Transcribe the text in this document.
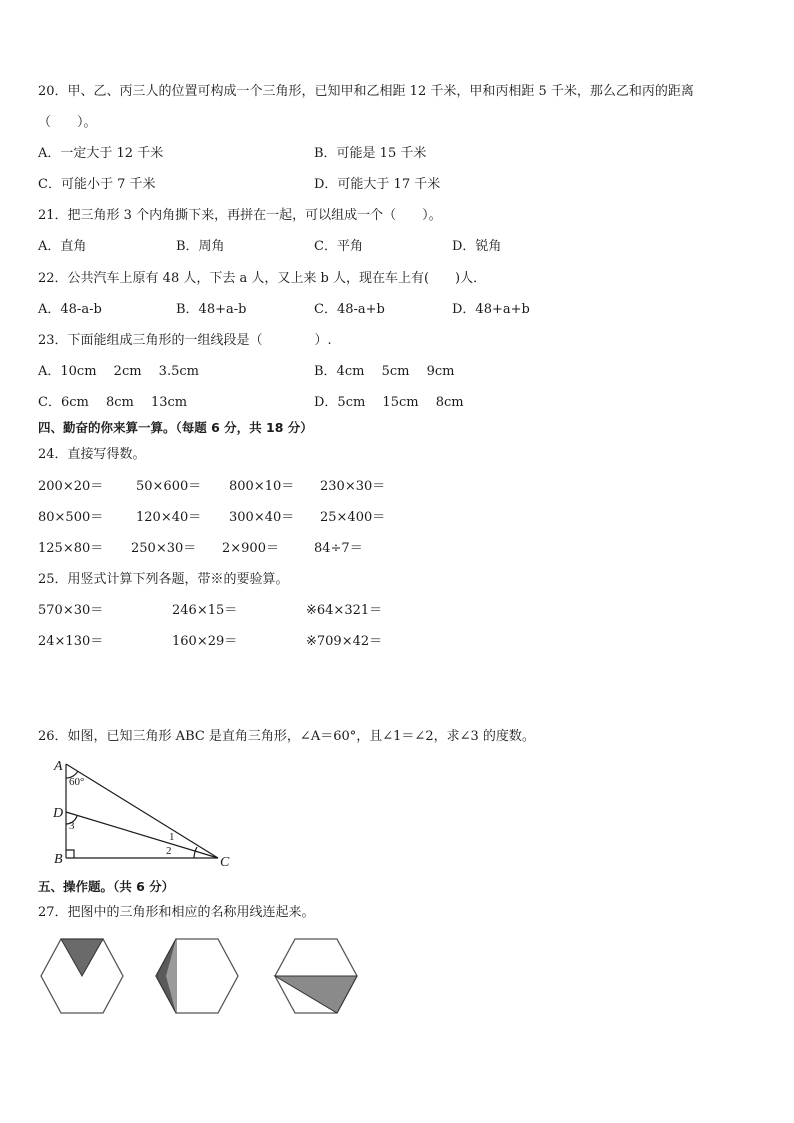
20．甲、乙、丙三人的位置可构成一个三角形，已知甲和乙相距 12 千米，甲和丙相距 5 千米，那么乙和丙的距离
（　　）。
A．一定大于 12 千米	B．可能是 15 千米
C．可能小于 7 千米	D．可能大于 17 千米
21．把三角形 3 个内角撕下来，再拼在一起，可以组成一个（　　）。
A．直角	B．周角	C．平角	D．锐角
22．公共汽车上原有 48 人，下去 a 人，又上来 b 人，现在车上有(　　)人．
A．48-a-b	B．48+a-b	C．48-a+b	D．48+a+b
23．下面能组成三角形的一组线段是（　　　　）.
A．10cm　 2cm　 3.5cm	B．4cm　 5cm　 9cm
C．6cm　 8cm　 13cm	D．5cm　 15cm　 8cm
四、勤奋的你来算一算。（每题 6 分，共 18 分）
24．直接写得数。
200×20＝	50×600＝ 800×10＝ 230×30＝
80×500＝	120×40＝ 300×40＝ 25×400＝
125×80＝ 250×30＝ 2×900＝	84÷7＝
25．用竖式计算下列各题，带※的要验算。
570×30＝	246×15＝	※64×321＝
24×130＝	160×29＝	※709×42＝
26．如图，已知三角形 ABC 是直角三角形，∠A＝60°，且∠1＝∠2，求∠3 的度数。
A
D
B	C
60°
1
2
3
五、操作题。（共 6 分）
27．把图中的三角形和相应的名称用线连起来。
